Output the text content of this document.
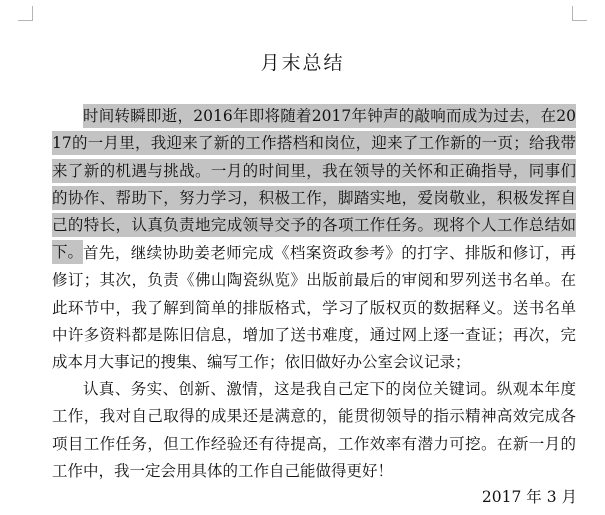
月末总结

时间转瞬即逝，2016年即将随着2017年钟声的敲响而成为过去，在2017的一月里，我迎来了新的工作搭档和岗位，迎来了工作新的一页；给我带来了新的机遇与挑战。一月的时间里，我在领导的关怀和正确指导，同事们的协作、帮助下，努力学习，积极工作，脚踏实地，爱岗敬业，积极发挥自己的特长，认真负责地完成领导交予的各项工作任务。现将个人工作总结如下。 首先，继续协助姜老师完成《档案资政参考》的打字、排版和修订，再修订；其次，负责《佛山陶瓷纵览》出版前最后的审阅和罗列送书名单。在此环节中，我了解到简单的排版格式，学习了版权页的数据释义。送书名单中许多资料都是陈旧信息，增加了送书难度，通过网上逐一查证；再次，完成本月大事记的搜集、编写工作；依旧做好办公室会议记录；

认真、务实、创新、激情，这是我自己定下的岗位关键词。纵观本年度工作，我对自己取得的成果还是满意的，能贯彻领导的指示精神高效完成各项目工作任务，但工作经验还有待提高，工作效率有潜力可挖。在新一月的工作中，我一定会用具体的工作自己能做得更好！

2017 年 3 月
